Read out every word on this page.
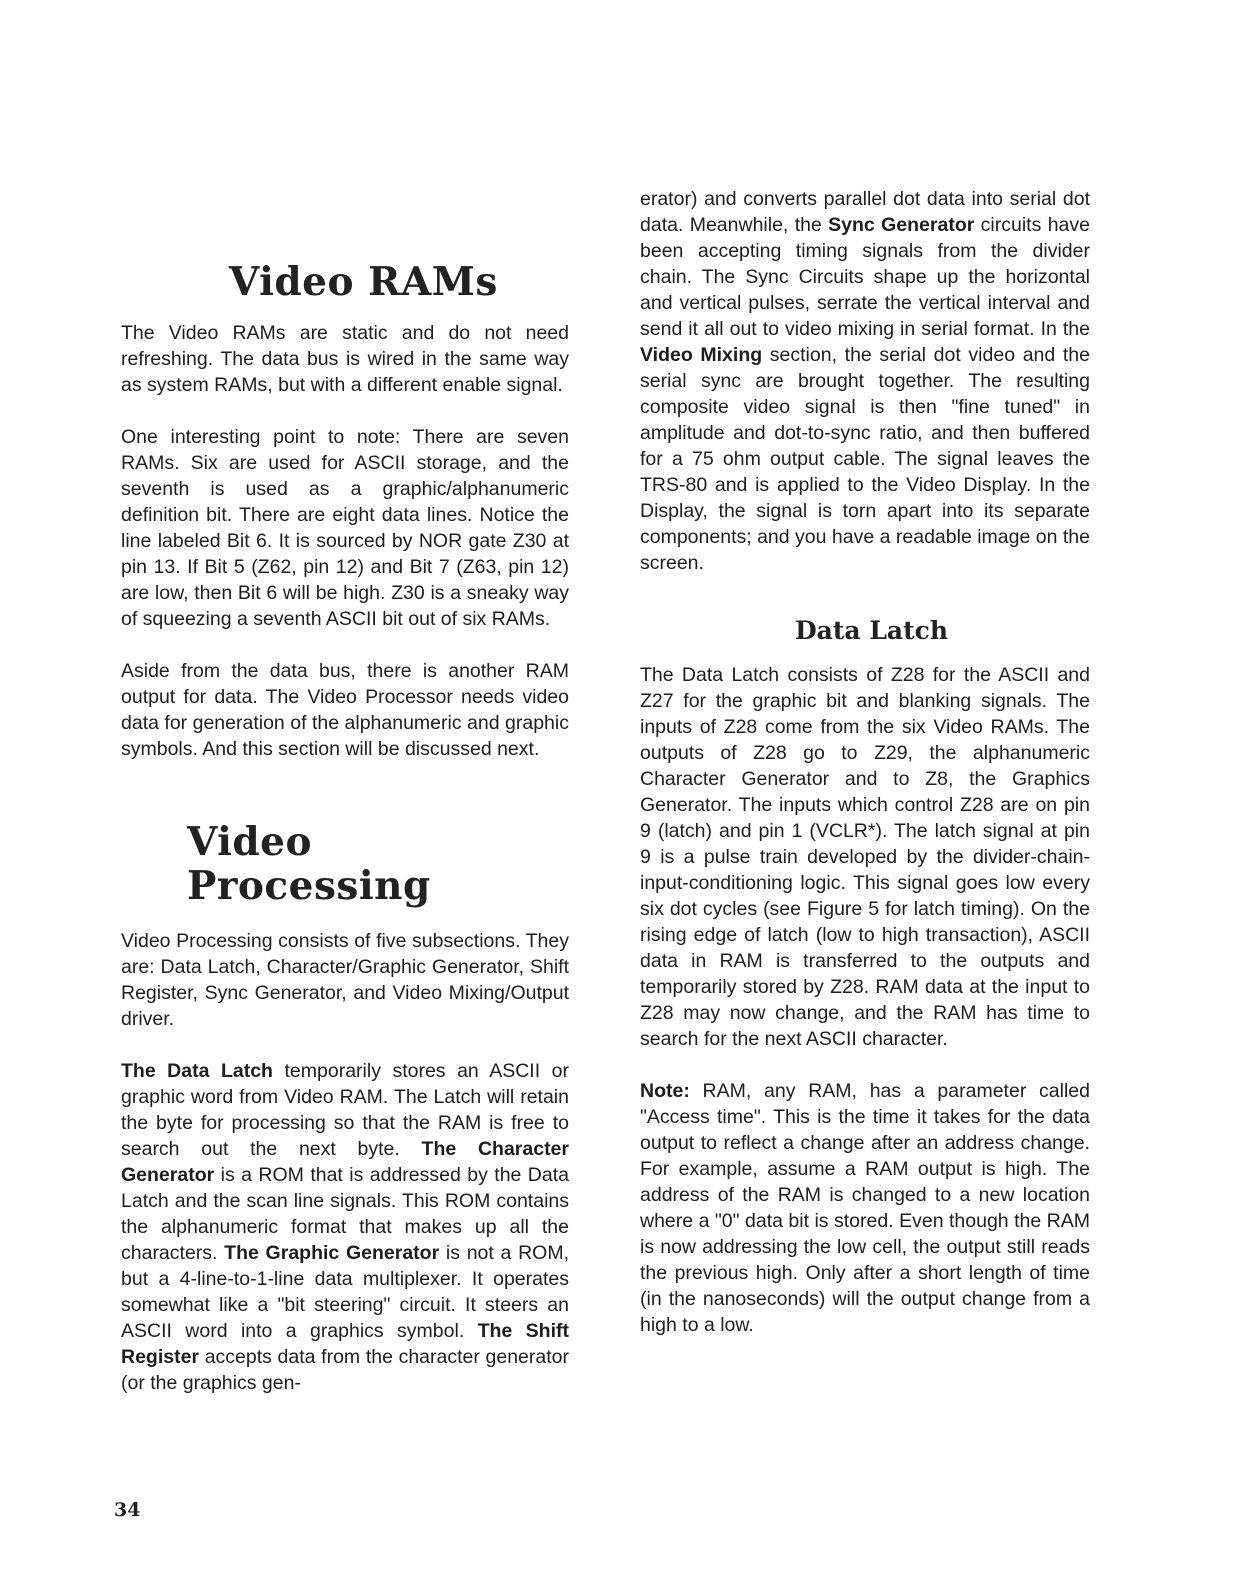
Video RAMs

The Video RAMs are static and do not need refreshing. The data bus is wired in the same way as system RAMs, but with a different enable signal.

One interesting point to note: There are seven RAMs. Six are used for ASCII storage, and the seventh is used as a graphic/alphanumeric definition bit. There are eight data lines. Notice the line labeled Bit 6. It is sourced by NOR gate Z30 at pin 13. If Bit 5 (Z62, pin 12) and Bit 7 (Z63, pin 12) are low, then Bit 6 will be high. Z30 is a sneaky way of squeezing a seventh ASCII bit out of six RAMs.

Aside from the data bus, there is another RAM output for data. The Video Processor needs video data for generation of the alphanumeric and graphic symbols. And this section will be discussed next.

Video Processing

Video Processing consists of five subsections. They are: Data Latch, Character/Graphic Generator, Shift Register, Sync Generator, and Video Mixing/Output driver.

The Data Latch temporarily stores an ASCII or graphic word from Video RAM. The Latch will retain the byte for processing so that the RAM is free to search out the next byte. The Character Generator is a ROM that is addressed by the Data Latch and the scan line signals. This ROM contains the alphanumeric format that makes up all the characters. The Graphic Generator is not a ROM, but a 4-line-to-1-line data multiplexer. It operates somewhat like a "bit steering" circuit. It steers an ASCII word into a graphics symbol. The Shift Register accepts data from the character generator (or the graphics gen-

erator) and converts parallel dot data into serial dot data. Meanwhile, the Sync Generator circuits have been accepting timing signals from the divider chain. The Sync Circuits shape up the horizontal and vertical pulses, serrate the vertical interval and send it all out to video mixing in serial format. In the Video Mixing section, the serial dot video and the serial sync are brought together. The resulting composite video signal is then "fine tuned" in amplitude and dot-to-sync ratio, and then buffered for a 75 ohm output cable. The signal leaves the TRS-80 and is applied to the Video Display. In the Display, the signal is torn apart into its separate components; and you have a readable image on the screen.

Data Latch

The Data Latch consists of Z28 for the ASCII and Z27 for the graphic bit and blanking signals. The inputs of Z28 come from the six Video RAMs. The outputs of Z28 go to Z29, the alphanumeric Character Generator and to Z8, the Graphics Generator. The inputs which control Z28 are on pin 9 (latch) and pin 1 (VCLR*). The latch signal at pin 9 is a pulse train developed by the divider-chain-input-conditioning logic. This signal goes low every six dot cycles (see Figure 5 for latch timing). On the rising edge of latch (low to high transaction), ASCII data in RAM is transferred to the outputs and temporarily stored by Z28. RAM data at the input to Z28 may now change, and the RAM has time to search for the next ASCII character.

Note: RAM, any RAM, has a parameter called "Access time". This is the time it takes for the data output to reflect a change after an address change. For example, assume a RAM output is high. The address of the RAM is changed to a new location where a "0" data bit is stored. Even though the RAM is now addressing the low cell, the output still reads the previous high. Only after a short length of time (in the nanoseconds) will the output change from a high to a low.

34
